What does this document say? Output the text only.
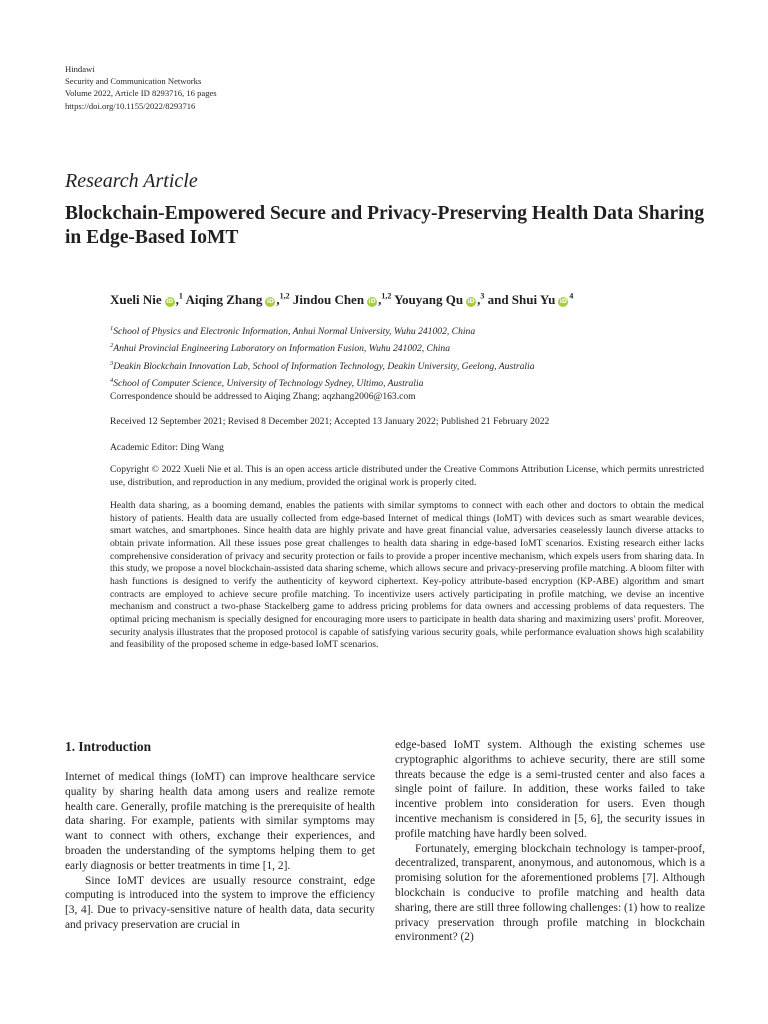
Hindawi
Security and Communication Networks
Volume 2022, Article ID 8293716, 16 pages
https://doi.org/10.1155/2022/8293716
Research Article
Blockchain-Empowered Secure and Privacy-Preserving Health Data Sharing in Edge-Based IoMT
Xueli Nie iD ,$^1$ Aiqing Zhang iD ,$^{1,2}$ Jindou Chen iD ,$^{1,2}$ Youyang Qu iD ,$^3$ and Shui Yu $iD^4$
$^1$School of Physics and Electronic Information, Anhui Normal University, Wuhu 241002, China
$^2$Anhui Provincial Engineering Laboratory on Information Fusion, Wuhu 241002, China
$^3$Deakin Blockchain Innovation Lab, School of Information Technology, Deakin University, Geelong, Australia
$^4$School of Computer Science, University of Technology Sydney, Ultimo, Australia
Correspondence should be addressed to Aiqing Zhang; aqzhang2006@163.com
Received 12 September 2021; Revised 8 December 2021; Accepted 13 January 2022; Published 21 February 2022
Academic Editor: Ding Wang
Copyright © 2022 Xueli Nie et al. This is an open access article distributed under the Creative Commons Attribution License, which permits unrestricted use, distribution, and reproduction in any medium, provided the original work is properly cited.
Health data sharing, as a booming demand, enables the patients with similar symptoms to connect with each other and doctors to obtain the medical history of patients. Health data are usually collected from edge-based Internet of medical things (IoMT) with devices such as smart wearable devices, smart watches, and smartphones. Since health data are highly private and have great financial value, adversaries ceaselessly launch diverse attacks to obtain private information. All these issues pose great challenges to health data sharing in edge-based IoMT scenarios. Existing research either lacks comprehensive consideration of privacy and security protection or fails to provide a proper incentive mechanism, which expels users from sharing data. In this study, we propose a novel blockchain-assisted data sharing scheme, which allows secure and privacy-preserving profile matching. A bloom filter with hash functions is designed to verify the authenticity of keyword ciphertext. Key-policy attribute-based encryption (KP-ABE) algorithm and smart contracts are employed to achieve secure profile matching. To incentivize users actively participating in profile matching, we devise an incentive mechanism and construct a two-phase Stackelberg game to address pricing problems for data owners and accessing problems of data requesters. The optimal pricing mechanism is specially designed for encouraging more users to participate in health data sharing and maximizing users' profit. Moreover, security analysis illustrates that the proposed protocol is capable of satisfying various security goals, while performance evaluation shows high scalability and feasibility of the proposed scheme in edge-based IoMT scenarios.
1. Introduction

Internet of medical things (IoMT) can improve healthcare service quality by sharing health data among users and realize remote health care. Generally, profile matching is the prerequisite of health data sharing. For example, patients with similar symptoms may want to connect with others, exchange their experiences, and broaden the understanding of the symptoms helping them to get early diagnosis or better treatments in time [1, 2].

Since IoMT devices are usually resource constraint, edge computing is introduced into the system to improve the efficiency [3, 4]. Due to privacy-sensitive nature of health data, data security and privacy preservation are crucial in

edge-based IoMT system. Although the existing schemes use cryptographic algorithms to achieve security, there are still some threats because the edge is a semi-trusted center and also faces a single point of failure. In addition, these works failed to take incentive problem into consideration for users. Even though incentive mechanism is considered in [5, 6], the security issues in profile matching have hardly been solved.

Fortunately, emerging blockchain technology is tamper-proof, decentralized, transparent, anonymous, and autonomous, which is a promising solution for the aforementioned problems [7]. Although blockchain is conducive to profile matching and health data sharing, there are still three following challenges: (1) how to realize privacy preservation through profile matching in blockchain environment? (2)
